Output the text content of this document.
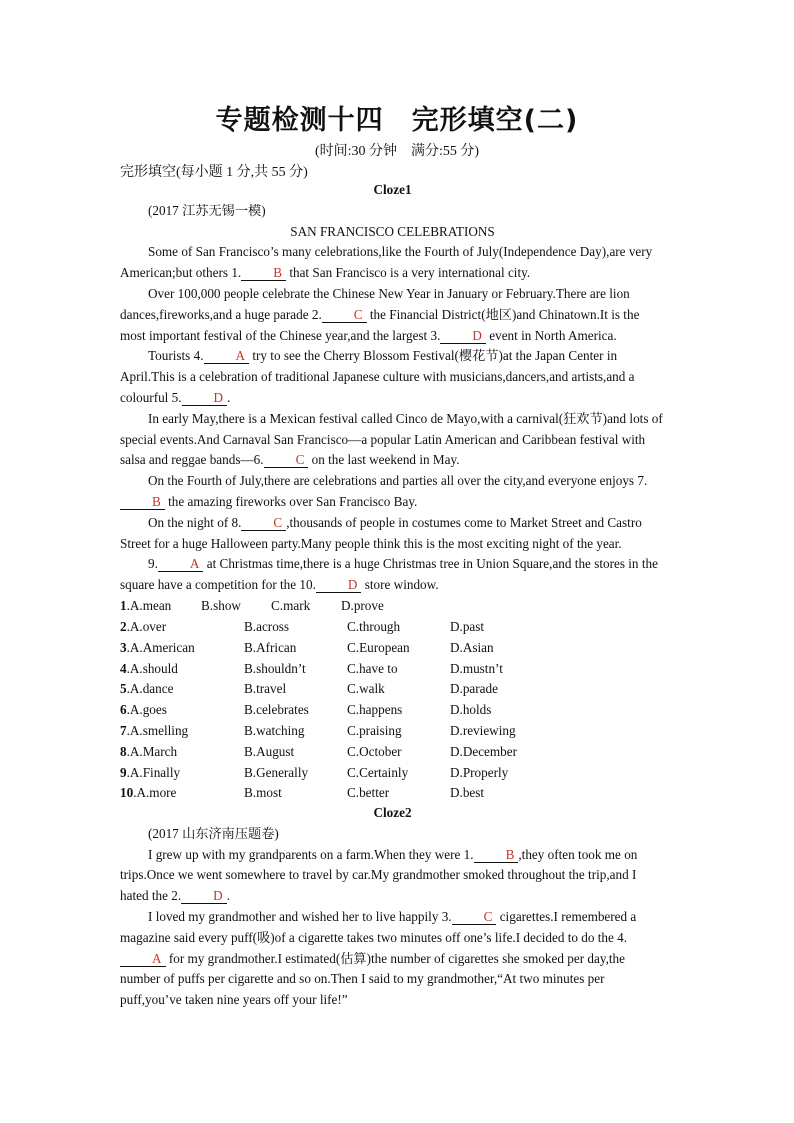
专题检测十四　完形填空(二)
(时间:30 分钟　满分:55 分)
完形填空(每小题 1 分,共 55 分)
Cloze1
(2017 江苏无锡一模)
SAN FRANCISCO CELEBRATIONS
Some of San Francisco’s many celebrations,like the Fourth of July(Independence Day),are very American;but others 1. B that San Francisco is a very international city.
Over 100,000 people celebrate the Chinese New Year in January or February.There are lion dances,fireworks,and a huge parade 2. C the Financial District(地区)and Chinatown.It is the most important festival of the Chinese year,and the largest 3. D event in North America.
Tourists 4. A try to see the Cherry Blossom Festival(樱花节)at the Japan Center in April.This is a celebration of traditional Japanese culture with musicians,dancers,and artists,and a colourful 5. D .
In early May,there is a Mexican festival called Cinco de Mayo,with a carnival(狂欢节)and lots of special events.And Carnaval San Francisco—a popular Latin American and Caribbean festival with salsa and reggae bands—6. C on the last weekend in May.
On the Fourth of July,there are celebrations and parties all over the city,and everyone enjoys 7.B the amazing fireworks over San Francisco Bay.
On the night of 8. C ,thousands of people in costumes come to Market Street and Castro Street for a huge Halloween party.Many people think this is the most exciting night of the year.
9. A at Christmas time,there is a huge Christmas tree in Union Square,and the stores in the square have a competition for the 10. D store window.
1.A.mean B.show C.mark D.prove
2.A.over	B.across	C.through	D.past
3.A.American	B.African	C.European	D.Asian
4.A.should	B.shouldn’t	C.have to	D.mustn’t
5.A.dance	B.travel	C.walk	D.parade
6.A.goes	B.celebrates	C.happens	D.holds
7.A.smelling	B.watching	C.praising	D.reviewing
8.A.March	B.August	C.October	D.December
9.A.Finally	B.Generally	C.Certainly	D.Properly
10.A.more	B.most	C.better	D.best
Cloze2
(2017 山东济南压题卷)
I grew up with my grandparents on a farm.When they were 1. B ,they often took me on trips.Once we went somewhere to travel by car.My grandmother smoked throughout the trip,and I hated the 2. D .
I loved my grandmother and wished her to live happily 3. C cigarettes.I remembered a magazine said every puff(吸)of a cigarette takes two minutes off one’s life.I decided to do the 4.A for my grandmother.I estimated(估算)the number of cigarettes she smoked per day,the number of puffs per cigarette and so on.Then I said to my grandmother,“At two minutes per puff,you’ve taken nine years off your life!”
